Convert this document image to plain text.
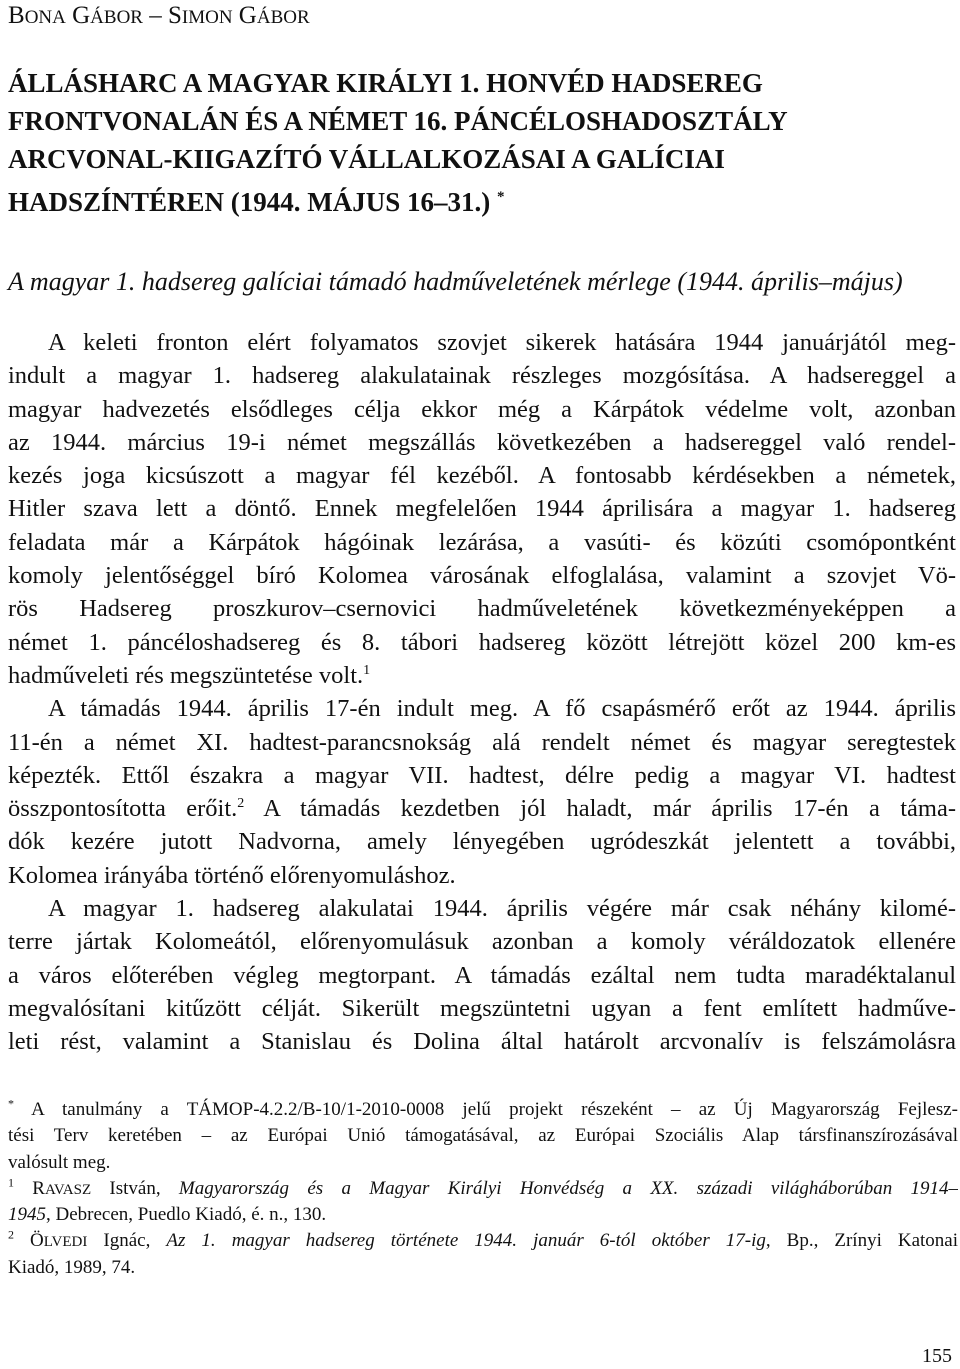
BONA GÁBOR – SIMON GÁBOR
ÁLLÁSHARC A MAGYAR KIRÁLYI 1. HONVÉD HADSEREG
FRONTVONALÁN ÉS A NÉMET 16. PÁNCÉLOSHADOSZTÁLY
ARCVONAL-KIIGAZÍTÓ VÁLLALKOZÁSAI A GALÍCIAI
HADSZÍNTÉREN (1944. MÁJUS 16–31.) *
A magyar 1. hadsereg galíciai támadó hadműveletének mérlege (1944. április–május)
A keleti fronton elért folyamatos szovjet sikerek hatására 1944 januárjától meg-
indult a magyar 1. hadsereg alakulatainak részleges mozgósítása. A hadsereggel a
magyar hadvezetés elsődleges célja ekkor még a Kárpátok védelme volt, azonban
az 1944. március 19-i német megszállás következében a hadsereggel való rendel-
kezés joga kicsúszott a magyar fél kezéből. A fontosabb kérdésekben a németek,
Hitler szava lett a döntő. Ennek megfelelően 1944 áprilisára a magyar 1. hadsereg
feladata már a Kárpátok hágóinak lezárása, a vasúti- és közúti csomópontként
komoly jelentőséggel bíró Kolomea városának elfoglalása, valamint a szovjet Vö-
rös Hadsereg proszkurov–csernovici hadműveletének következményeképpen a
német 1. páncéloshadsereg és 8. tábori hadsereg között létrejött közel 200 km-es
hadműveleti rés megszüntetése volt.$^1$
A támadás 1944. április 17-én indult meg. A fő csapásmérő erőt az 1944. április
11-én a német XI. hadtest-parancsnokság alá rendelt német és magyar seregtestek
képezték. Ettől északra a magyar VII. hadtest, délre pedig a magyar VI. hadtest
összpontosította erőit.$^2$ A támadás kezdetben jól haladt, már április 17-én a táma-
dók kezére jutott Nadvorna, amely lényegében ugródeszkát jelentett a további,
Kolomea irányába történő előrenyomuláshoz.
A magyar 1. hadsereg alakulatai 1944. április végére már csak néhány kilomé-
terre jártak Kolomeától, előrenyomulásuk azonban a komoly véráldozatok ellenére
a város előterében végleg megtorpant. A támadás ezáltal nem tudta maradéktalanul
megvalósítani kitűzött célját. Sikerült megszüntetni ugyan a fent említett hadműve-
leti rést, valamint a Stanislau és Dolina által határolt arcvonalív is felszámolásra
* A tanulmány a TÁMOP-4.2.2/B-10/1-2010-0008 jelű projekt részeként – az Új Magyarország Fejlesz-
tési Terv keretében – az Európai Unió támogatásával, az Európai Szociális Alap társfinanszírozásával
valósult meg.
$^1$ RAVASZ István, Magyarország és a Magyar Királyi Honvédség a XX. századi világháborúban 1914–
1945, Debrecen, Puedlo Kiadó, é. n., 130.
$^2$ ÖLVEDI Ignác, Az 1. magyar hadsereg története 1944. január 6-tól október 17-ig, Bp., Zrínyi Katonai
Kiadó, 1989, 74.
155
